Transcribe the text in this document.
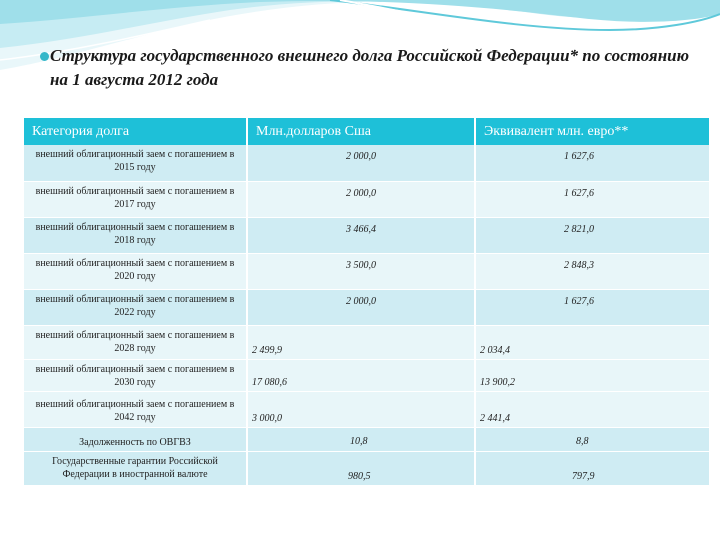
Структура государственного внешнего долга Российской Федерации* по состоянию на 1 августа 2012 года
Категория долга	Млн.долларов Сша	Эквивалент млн. евро**
внешний облигационный заем с погашением в 2015 году	2 000,0	1 627,6
внешний облигационный заем с погашением в 2017 году	2 000,0	1 627,6
внешний облигационный заем с погашением в 2018 году	3 466,4	2 821,0
внешний облигационный заем с погашением в 2020 году	3 500,0	2 848,3
внешний облигационный заем с погашением в 2022 году	2 000,0	1 627,6
внешний облигационный заем с погашением в 2028 году	2 499,9	2 034,4
внешний облигационный заем с погашением в 2030 году	17 080,6	13 900,2
внешний облигационный заем с погашением в 2042 году	3 000,0	2 441,4
Задолженность по ОВГВЗ	10,8	8,8
Государственные гарантии Российской Федерации в иностранной валюте	980,5	797,9
